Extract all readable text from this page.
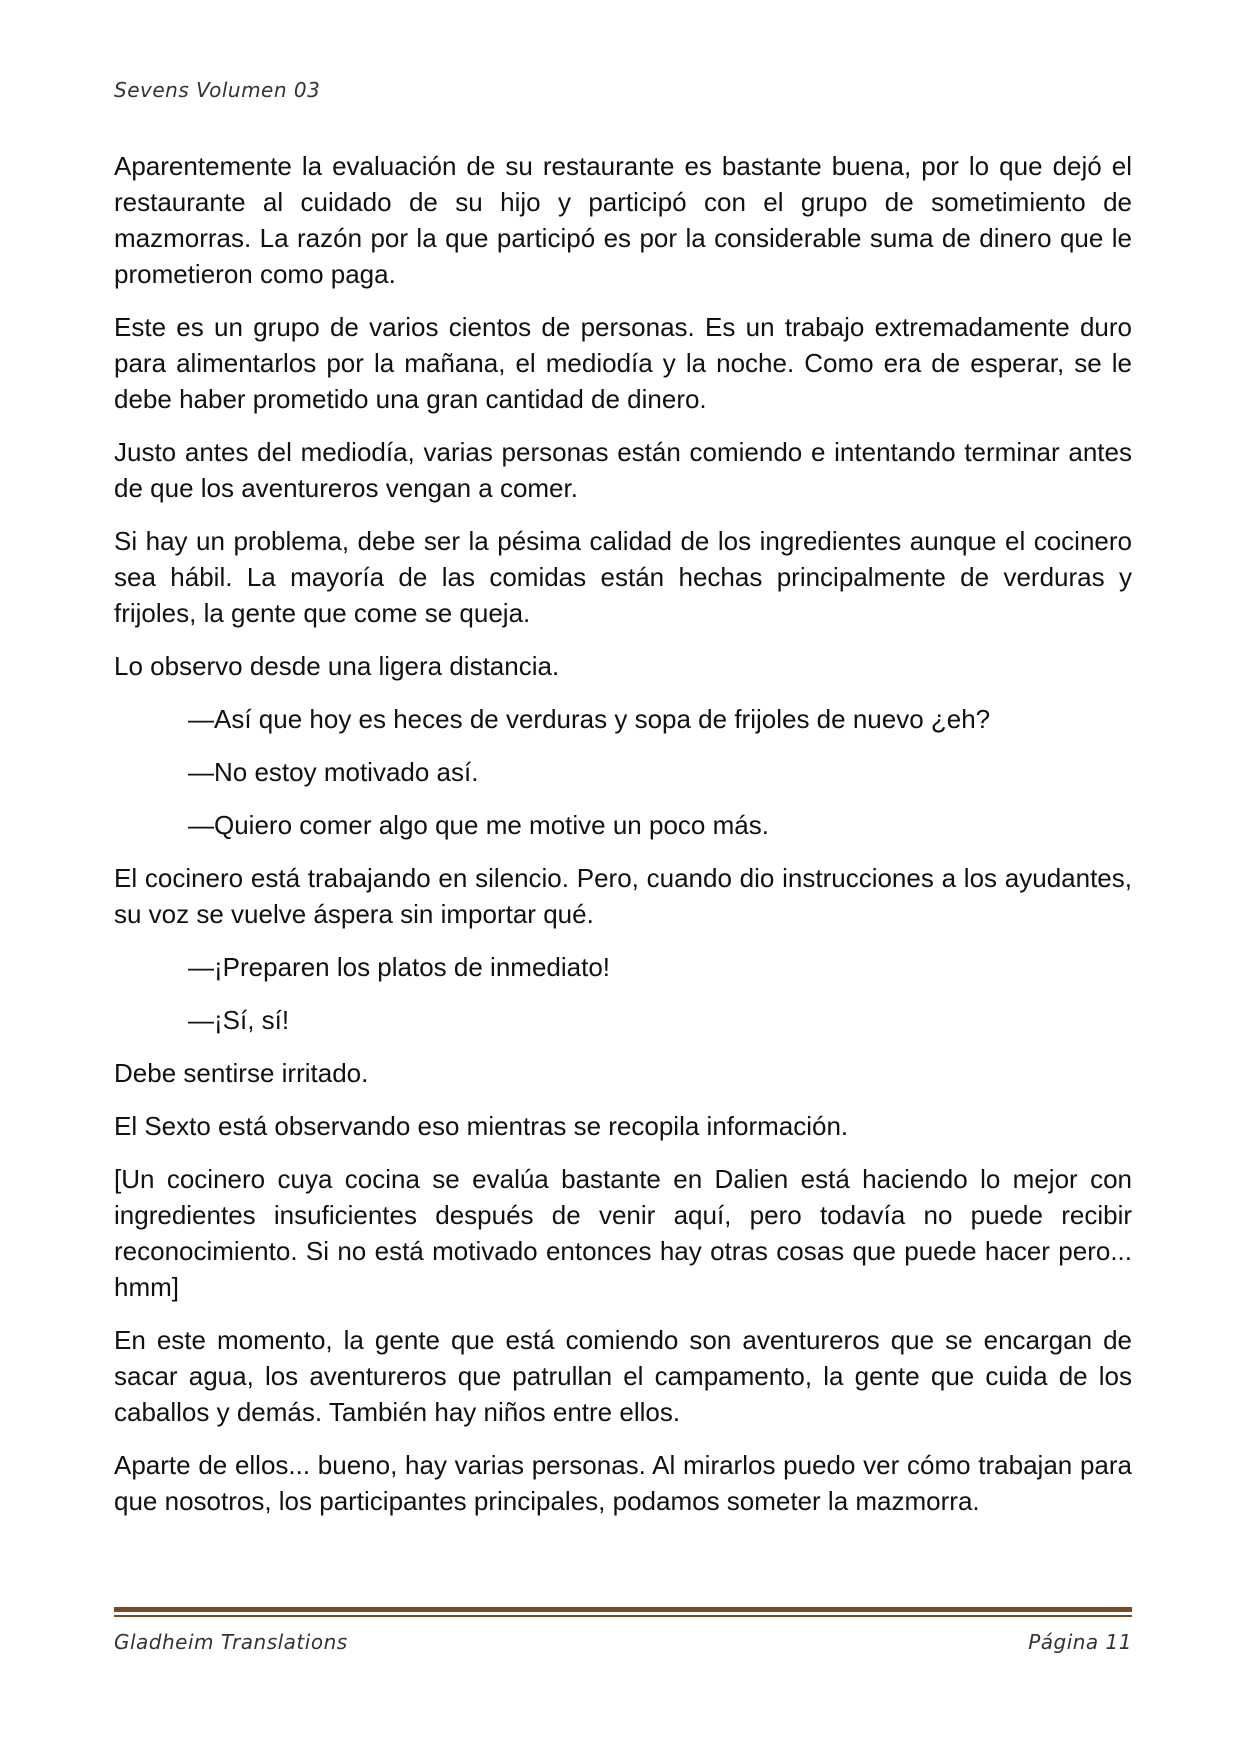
Sevens Volumen 03

Aparentemente la evaluación de su restaurante es bastante buena, por lo que dejó el restaurante al cuidado de su hijo y participó con el grupo de sometimiento de mazmorras. La razón por la que participó es por la considerable suma de dinero que le prometieron como paga.

Este es un grupo de varios cientos de personas. Es un trabajo extremadamente duro para alimentarlos por la mañana, el mediodía y la noche. Como era de esperar, se le debe haber prometido una gran cantidad de dinero.

Justo antes del mediodía, varias personas están comiendo e intentando terminar antes de que los aventureros vengan a comer.

Si hay un problema, debe ser la pésima calidad de los ingredientes aunque el cocinero sea hábil. La mayoría de las comidas están hechas principalmente de verduras y frijoles, la gente que come se queja.

Lo observo desde una ligera distancia.

—Así que hoy es heces de verduras y sopa de frijoles de nuevo ¿eh?

—No estoy motivado así.

—Quiero comer algo que me motive un poco más.

El cocinero está trabajando en silencio. Pero, cuando dio instrucciones a los ayudantes, su voz se vuelve áspera sin importar qué.

—¡Preparen los platos de inmediato!

—¡Sí, sí!

Debe sentirse irritado.

El Sexto está observando eso mientras se recopila información.

[Un cocinero cuya cocina se evalúa bastante en Dalien está haciendo lo mejor con ingredientes insuficientes después de venir aquí, pero todavía no puede recibir reconocimiento. Si no está motivado entonces hay otras cosas que puede hacer pero... hmm]

En este momento, la gente que está comiendo son aventureros que se encargan de sacar agua, los aventureros que patrullan el campamento, la gente que cuida de los caballos y demás. También hay niños entre ellos.

Aparte de ellos... bueno, hay varias personas. Al mirarlos puedo ver cómo trabajan para que nosotros, los participantes principales, podamos someter la mazmorra.

Gladheim Translations	Página 11
